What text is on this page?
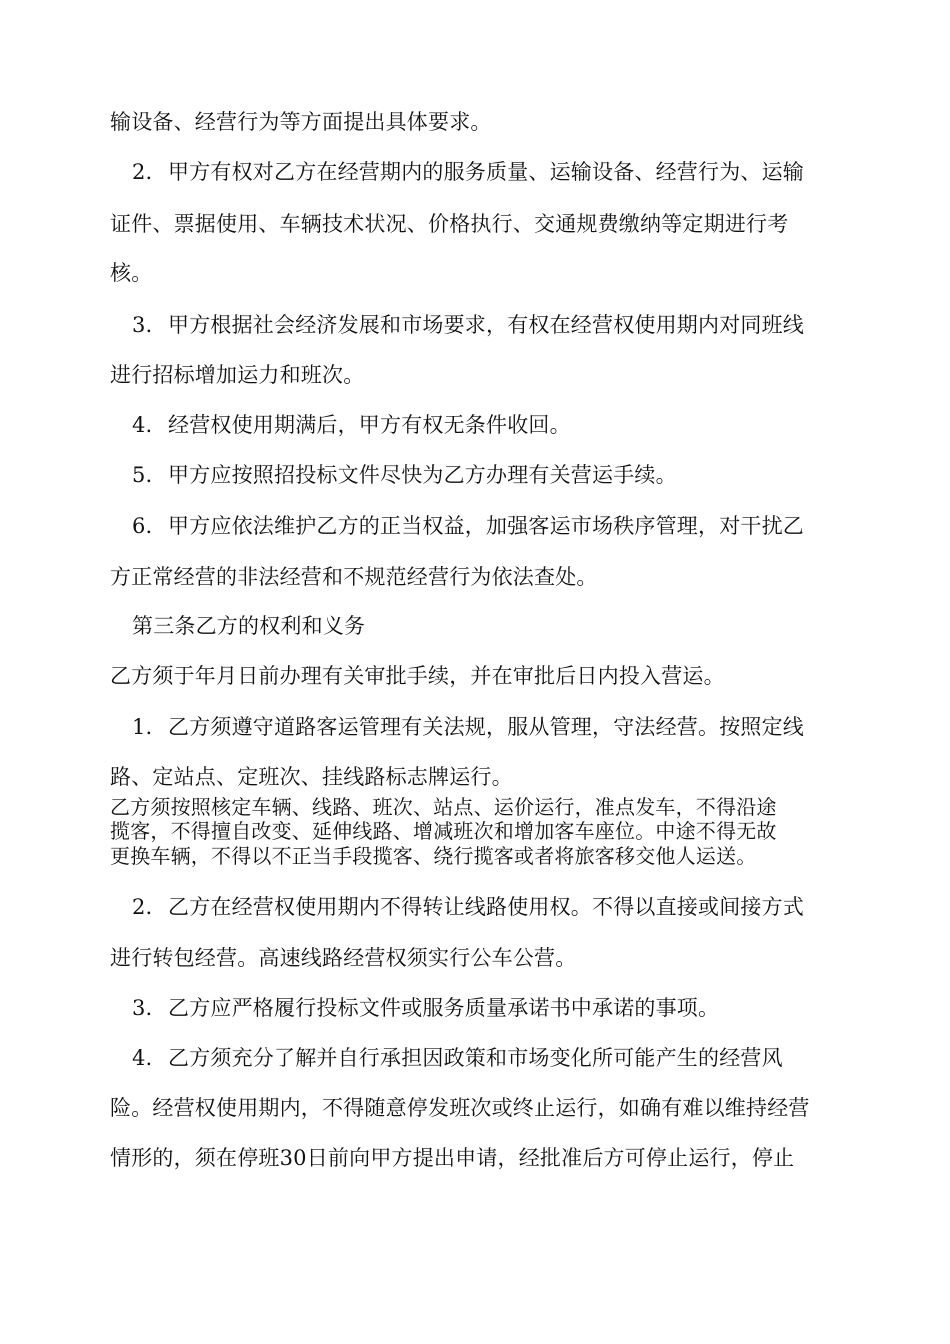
输设备、经营行为等方面提出具体要求。
2. 甲方有权对乙方在经营期内的服务质量、运输设备、经营行为、运输
证件、票据使用、车辆技术状况、价格执行、交通规费缴纳等定期进行考
核。
3. 甲方根据社会经济发展和市场要求，有权在经营权使用期内对同班线
进行招标增加运力和班次。
4. 经营权使用期满后，甲方有权无条件收回。
5. 甲方应按照招投标文件尽快为乙方办理有关营运手续。
6. 甲方应依法维护乙方的正当权益，加强客运市场秩序管理，对干扰乙
方正常经营的非法经营和不规范经营行为依法查处。
第三条乙方的权利和义务
乙方须于年月日前办理有关审批手续，并在审批后日内投入营运。
1. 乙方须遵守道路客运管理有关法规，服从管理，守法经营。按照定线
路、定站点、定班次、挂线路标志牌运行。
乙方须按照核定车辆、线路、班次、站点、运价运行，准点发车，不得沿途
揽客，不得擅自改变、延伸线路、增减班次和增加客车座位。中途不得无故
更换车辆，不得以不正当手段揽客、绕行揽客或者将旅客移交他人运送。
2. 乙方在经营权使用期内不得转让线路使用权。不得以直接或间接方式
进行转包经营。高速线路经营权须实行公车公营。
3. 乙方应严格履行投标文件或服务质量承诺书中承诺的事项。
4. 乙方须充分了解并自行承担因政策和市场变化所可能产生的经营风
险。经营权使用期内，不得随意停发班次或终止运行，如确有难以维持经营
情形的，须在停班30日前向甲方提出申请，经批准后方可停止运行，停止
